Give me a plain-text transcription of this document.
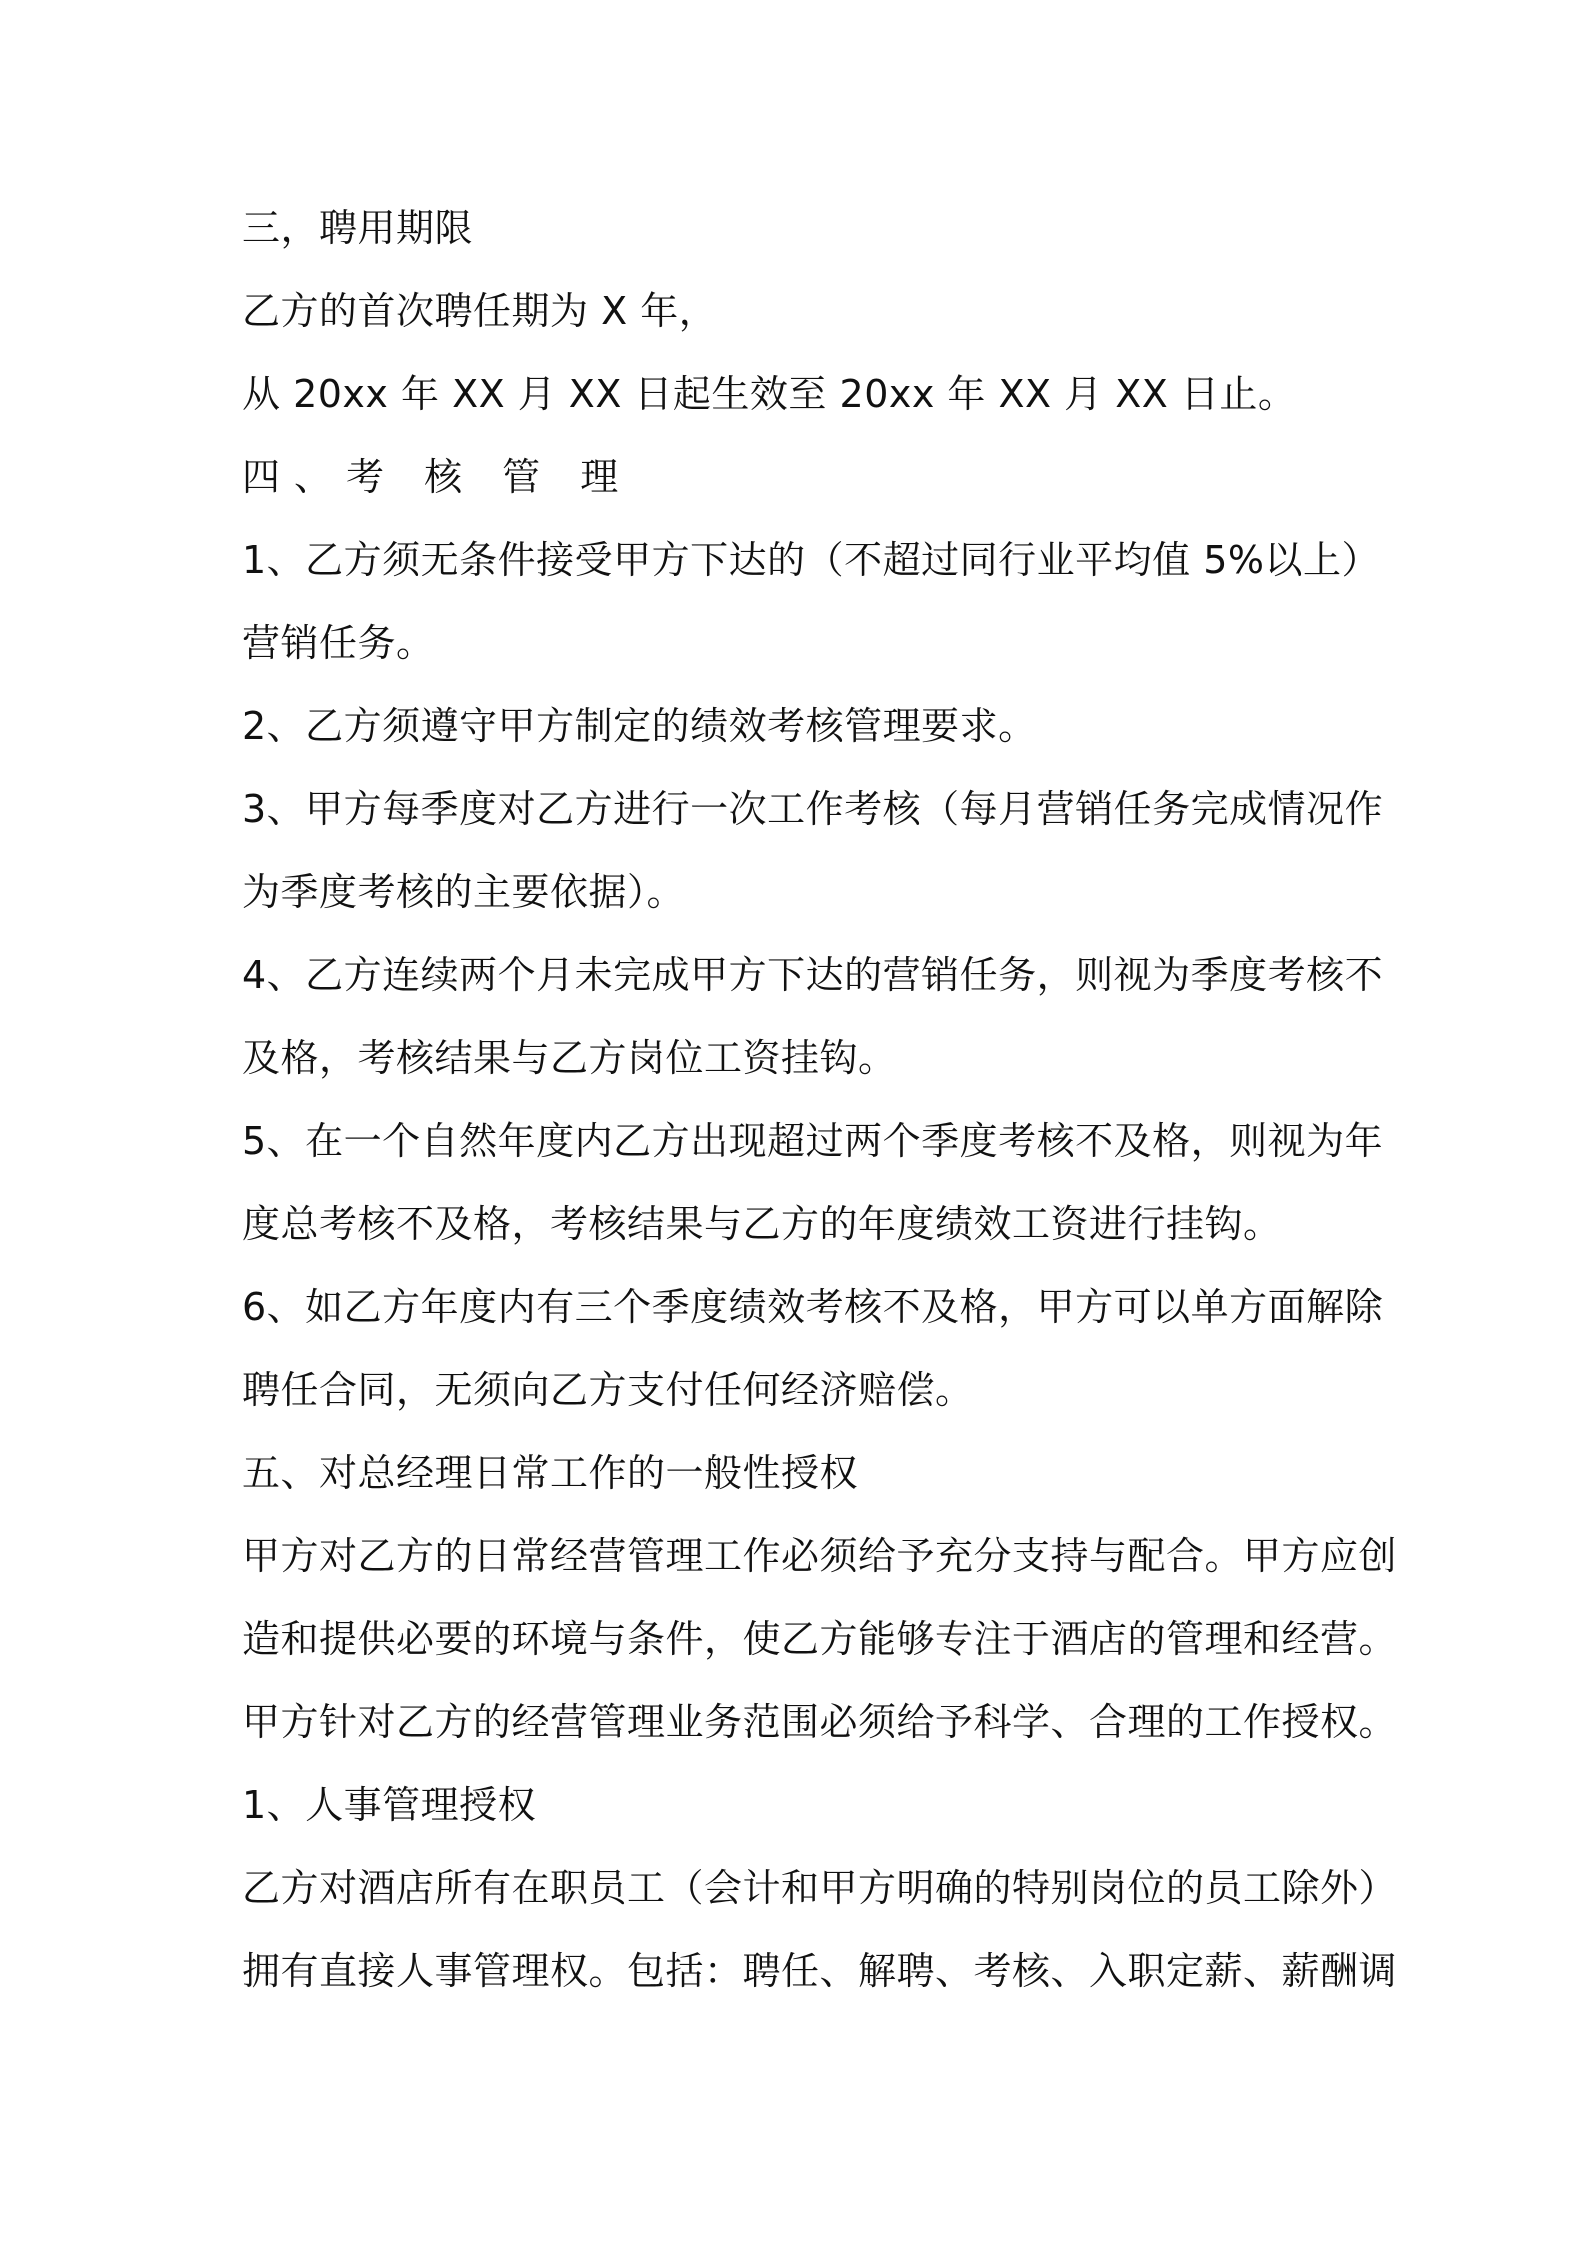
三，聘用期限

乙方的首次聘任期为 X 年，

从 20xx 年 XX 月 XX 日起生效至 20xx 年 XX 月 XX 日止。

四、考 核 管 理

1、乙方须无条件接受甲方下达的（不超过同行业平均值 5%以上）

营销任务。

2、乙方须遵守甲方制定的绩效考核管理要求。

3、甲方每季度对乙方进行一次工作考核（每月营销任务完成情况作

为季度考核的主要依据）。

4、乙方连续两个月未完成甲方下达的营销任务，则视为季度考核不

及格，考核结果与乙方岗位工资挂钩。

5、在一个自然年度内乙方出现超过两个季度考核不及格，则视为年

度总考核不及格，考核结果与乙方的年度绩效工资进行挂钩。

6、如乙方年度内有三个季度绩效考核不及格，甲方可以单方面解除

聘任合同，无须向乙方支付任何经济赔偿。

五、对总经理日常工作的一般性授权

甲方对乙方的日常经营管理工作必须给予充分支持与配合。甲方应创

造和提供必要的环境与条件，使乙方能够专注于酒店的管理和经营。

甲方针对乙方的经营管理业务范围必须给予科学、合理的工作授权。

1、人事管理授权

乙方对酒店所有在职员工（会计和甲方明确的特别岗位的员工除外）

拥有直接人事管理权。包括：聘任、解聘、考核、入职定薪、薪酬调
